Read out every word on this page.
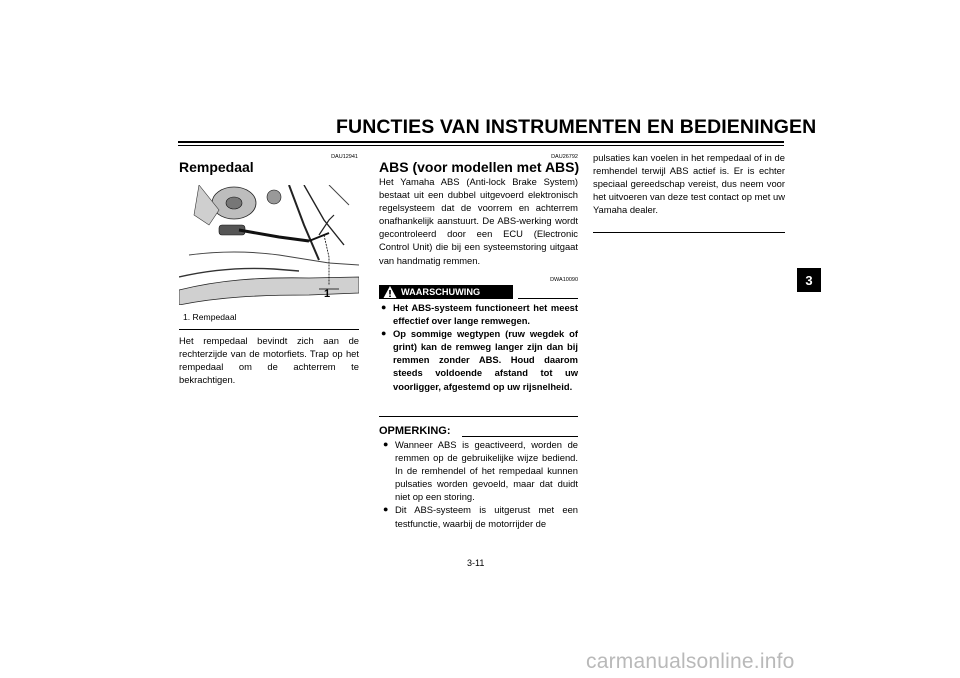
FUNCTIES VAN INSTRUMENTEN EN BEDIENINGEN
3
DAU12941
Rempedaal
1
1. Rempedaal
Het rempedaal bevindt zich aan de rechterzijde van de motorfiets. Trap op het rempedaal om de achterrem te bekrachtigen.
DAU26792
ABS (voor modellen met ABS)
Het Yamaha ABS (Anti-lock Brake System) bestaat uit een dubbel uitgevoerd elektronisch regelsysteem dat de voorrem en achterrem onafhankelijk aanstuurt. De ABS-werking wordt gecontroleerd door een ECU (Electronic Control Unit) die bij een systeemstoring uitgaat van handmatig remmen.
DWA10090
WAARSCHUWING
● Het ABS-systeem functioneert het meest effectief over lange remwegen.
● Op sommige wegtypen (ruw wegdek of grint) kan de remweg langer zijn dan bij remmen zonder ABS. Houd daarom steeds voldoende afstand tot uw voorligger, afgestemd op uw rijsnelheid.
OPMERKING:
● Wanneer ABS is geactiveerd, worden de remmen op de gebruikelijke wijze bediend. In de remhendel of het rempedaal kunnen pulsaties worden gevoeld, maar dat duidt niet op een storing.
● Dit ABS-systeem is uitgerust met een testfunctie, waarbij de motorrijder de
pulsaties kan voelen in het rempedaal of in de remhendel terwijl ABS actief is. Er is echter speciaal gereedschap vereist, dus neem voor het uitvoeren van deze test contact op met uw Yamaha dealer.
3-11
carmanualsonline.info
